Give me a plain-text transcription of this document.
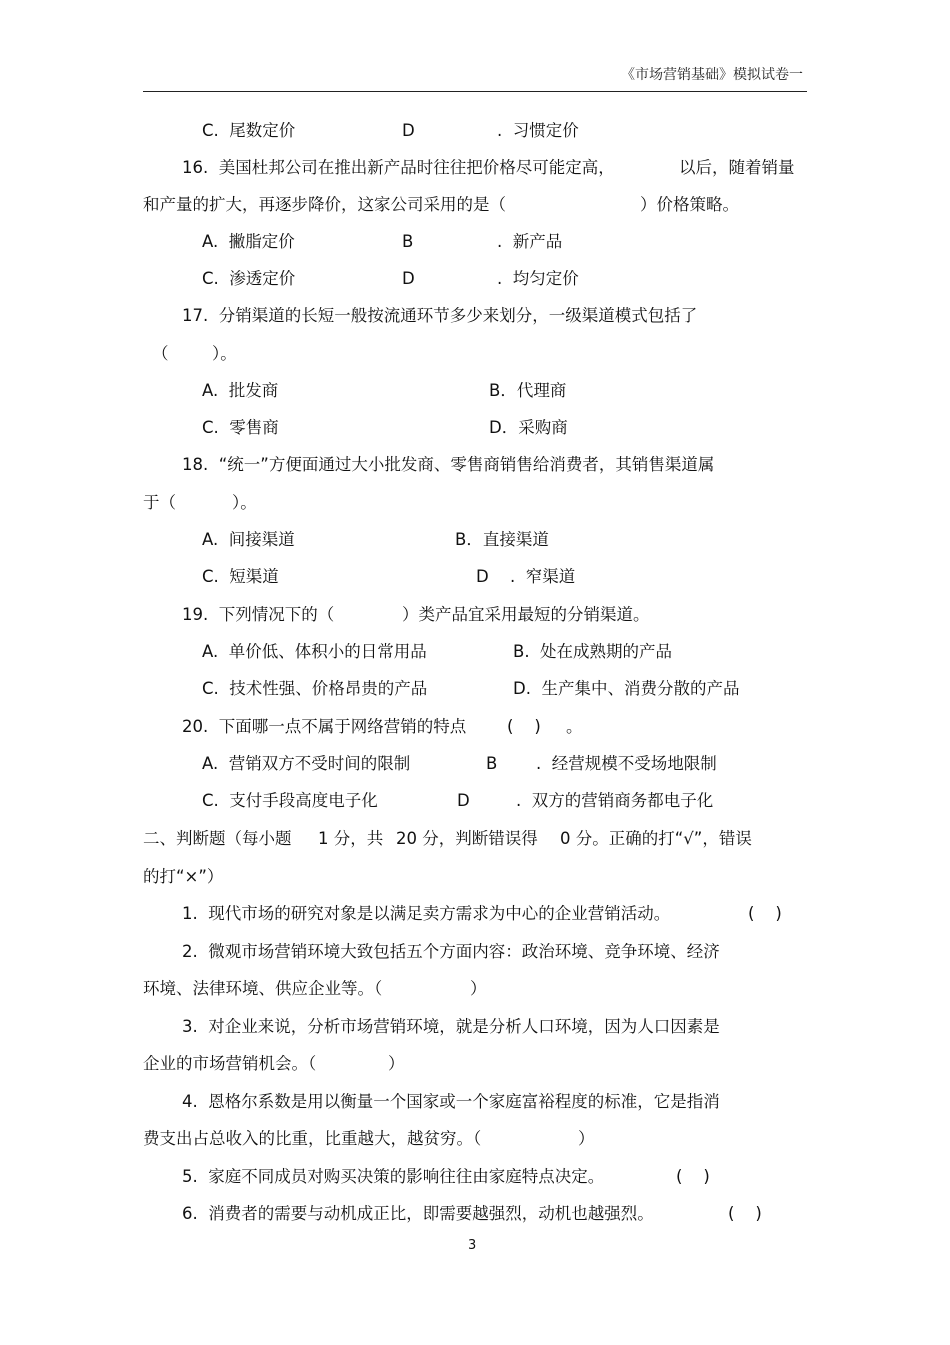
《市场营销基础》模拟试卷一
C.  尾数定价	D	.  习惯定价
16.  美国杜邦公司在推出新产品时往往把价格尽可能定高，	以后，随着销量
和产量的扩大，再逐步降价，这家公司采用的是（	）价格策略。
A.  撇脂定价	B	.  新产品
C.  渗透定价	D	.  均匀定价
17.  分销渠道的长短一般按流通环节多少来划分，一级渠道模式包括了
（	）。
A.  批发商	B．代理商
C.  零售商	D．采购商
18.  “统一”方便面通过大小批发商、零售商销售给消费者，其销售渠道属
于（	）。
A.  间接渠道	B．直接渠道
C.  短渠道	D .  窄渠道
19.  下列情况下的（	）类产品宜采用最短的分销渠道。
A.  单价低、体积小的日常用品	B.  处在成熟期的产品
C.  技术性强、价格昂贵的产品	D.  生产集中、消费分散的产品
20.  下面哪一点不属于网络营销的特点 (    ) 。
A.  营销双方不受时间的限制	B .  经营规模不受场地限制
C.  支付手段高度电子化	D	.  双方的营销商务都电子化
二、判断题（每小题 1 分，共 20 分，判断错误得 0 分。正确的打“√”，错误
的打“×”）
1.  现代市场的研究对象是以满足卖方需求为中心的企业营销活动。	(    )
2.  微观市场营销环境大致包括五个方面内容：政治环境、竞争环境、经济
环境、法律环境、供应企业等。（	）
3.  对企业来说，分析市场营销环境，就是分析人口环境，因为人口因素是
企业的市场营销机会。（	）
4.  恩格尔系数是用以衡量一个国家或一个家庭富裕程度的标准，它是指消
费支出占总收入的比重，比重越大，越贫穷。（	）
5.  家庭不同成员对购买决策的影响往往由家庭特点决定。	(    )
6.  消费者的需要与动机成正比，即需要越强烈，动机也越强烈。	(    )
3
